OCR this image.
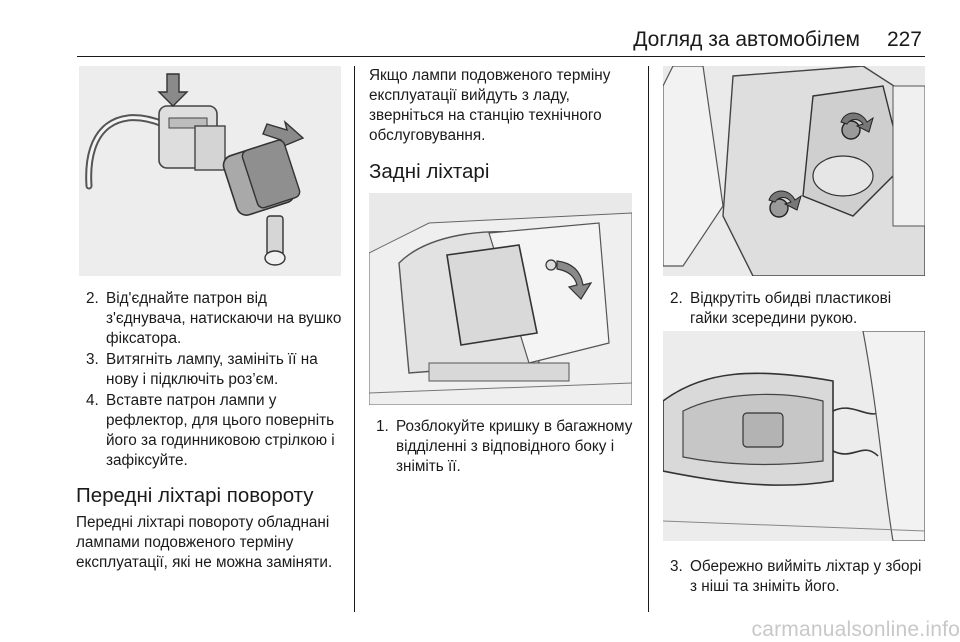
Догляд за автомобілем	227
2. Від'єднайте патрон від з'єднувача, натискаючи на вушко фіксатора.
3. Витягніть лампу, замініть її на нову і підключіть роз’єм.
4. Вставте патрон лампи у рефлектор, для цього поверніть його за годинниковою стрілкою і зафіксуйте.
Передні ліхтарі повороту
Передні ліхтарі повороту обладнані лампами подовженого терміну експлуатації, які не можна заміняти.
Якщо лампи подовженого терміну експлуатації вийдуть з ладу, зверніться на станцію технічного обслуговування.
Задні ліхтарі
1. Розблокуйте кришку в багажному відділенні з відповідного боку і зніміть її.
2. Відкрутіть обидві пластикові гайки зсередини рукою.
3. Обережно вийміть ліхтар у зборі з ніші та зніміть його.
carmanualsonline.info
